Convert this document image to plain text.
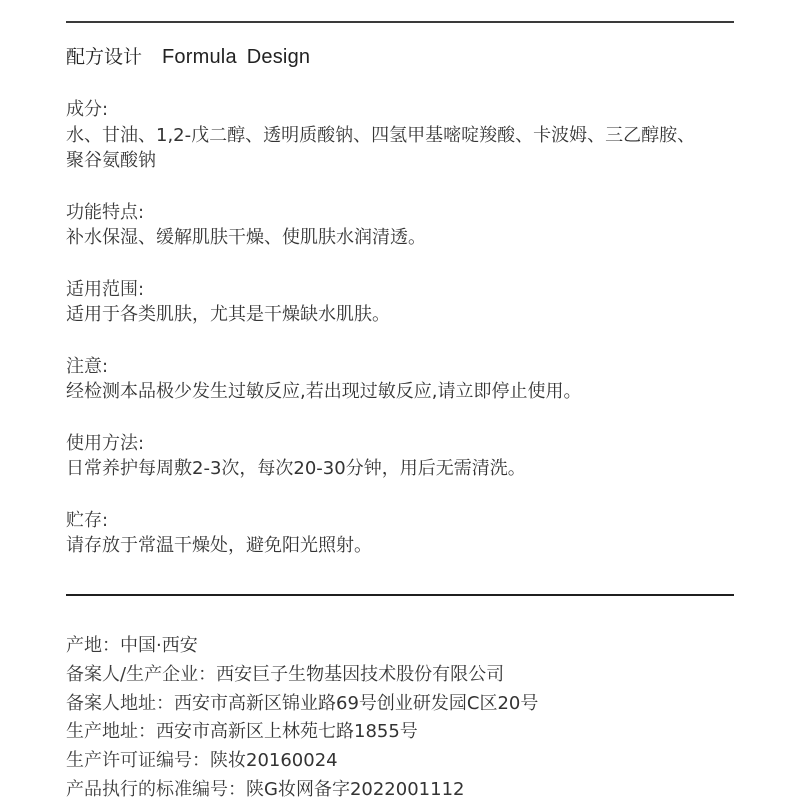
配方设计 Formula Design
成分:
水、甘油、1,2-戊二醇、透明质酸钠、四氢甲基嘧啶羧酸、卡波姆、三乙醇胺、
聚谷氨酸钠
功能特点:
补水保湿、缓解肌肤干燥、使肌肤水润清透。
适用范围:
适用于各类肌肤，尤其是干燥缺水肌肤。
注意:
经检测本品极少发生过敏反应,若出现过敏反应,请立即停止使用。
使用方法:
日常养护每周敷2-3次，每次20-30分钟，用后无需清洗。
贮存:
请存放于常温干燥处，避免阳光照射。
产地：中国·西安
备案人/生产企业：西安巨子生物基因技术股份有限公司
备案人地址：西安市高新区锦业路69号创业研发园C区20号
生产地址：西安市高新区上林苑七路1855号
生产许可证编号：陕妆20160024
产品执行的标准编号：陕G妆网备字2022001112
